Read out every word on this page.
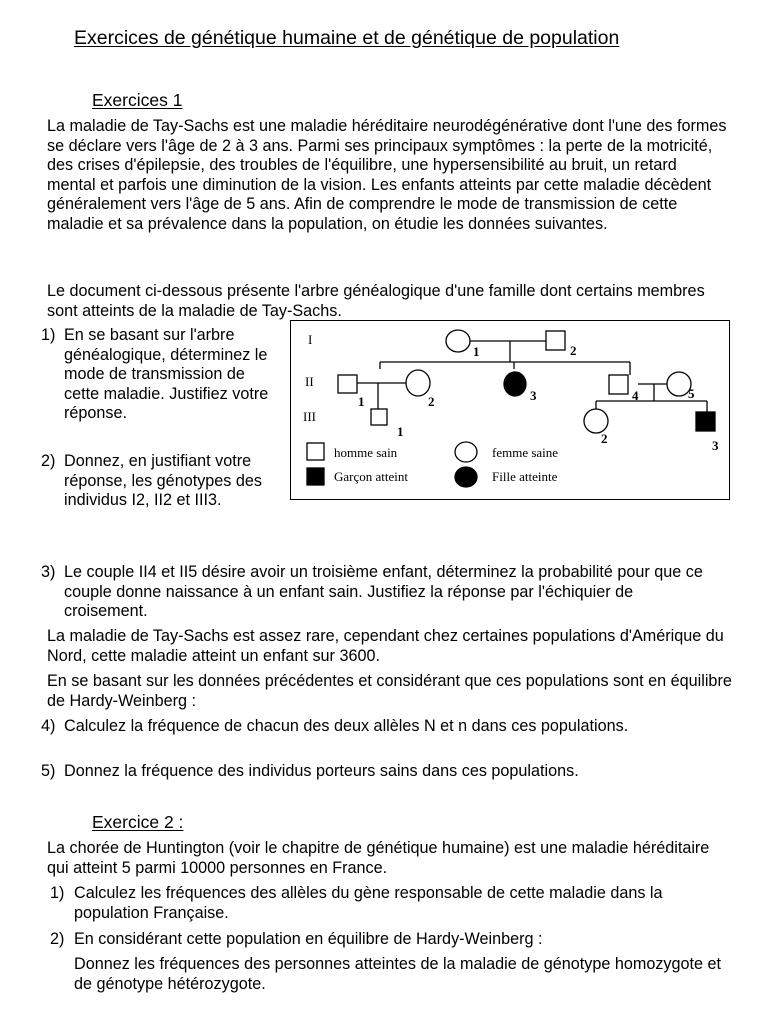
Exercices de génétique humaine et de génétique de population
Exercices 1
La maladie de Tay-Sachs est une maladie héréditaire neurodégénérative dont l'une des formes se déclare vers l'âge de 2 à 3 ans. Parmi ses principaux symptômes : la perte de la motricité, des crises d'épilepsie, des troubles de l'équilibre, une hypersensibilité au bruit, un retard mental et parfois une diminution de la vision. Les enfants atteints par cette maladie décèdent généralement vers l'âge de 5 ans. Afin de comprendre le mode de transmission de cette maladie et sa prévalence dans la population, on étudie les données suivantes.
Le document ci-dessous présente l'arbre généalogique d'une famille dont certains membres sont atteints de la maladie de Tay-Sachs.
1) En se basant sur l'arbre généalogique, déterminez le mode de transmission de cette maladie. Justifiez votre réponse.
2) Donnez, en justifiant votre réponse, les génotypes des individus I2, II2 et III3.
I
II
III
1	2
1	2	3	4	5
1	2	3
homme sain	femme saine
Garçon atteint	Fille atteinte
3) Le couple II4 et II5 désire avoir un troisième enfant, déterminez la probabilité pour que ce couple donne naissance à un enfant sain. Justifiez la réponse par l'échiquier de croisement.
La maladie de Tay-Sachs est assez rare, cependant chez certaines populations d'Amérique du Nord, cette maladie atteint un enfant sur 3600.
En se basant sur les données précédentes et considérant que ces populations sont en équilibre de Hardy-Weinberg :
4) Calculez la fréquence de chacun des deux allèles N et n dans ces populations.
5) Donnez la fréquence des individus porteurs sains dans ces populations.
Exercice 2 :
La chorée de Huntington (voir le chapitre de génétique humaine) est une maladie héréditaire qui atteint 5 parmi 10000 personnes en France.
1) Calculez les fréquences des allèles du gène responsable de cette maladie dans la population Française.
2) En considérant cette population en équilibre de Hardy-Weinberg :
Donnez les fréquences des personnes atteintes de la maladie de génotype homozygote et de génotype hétérozygote.
